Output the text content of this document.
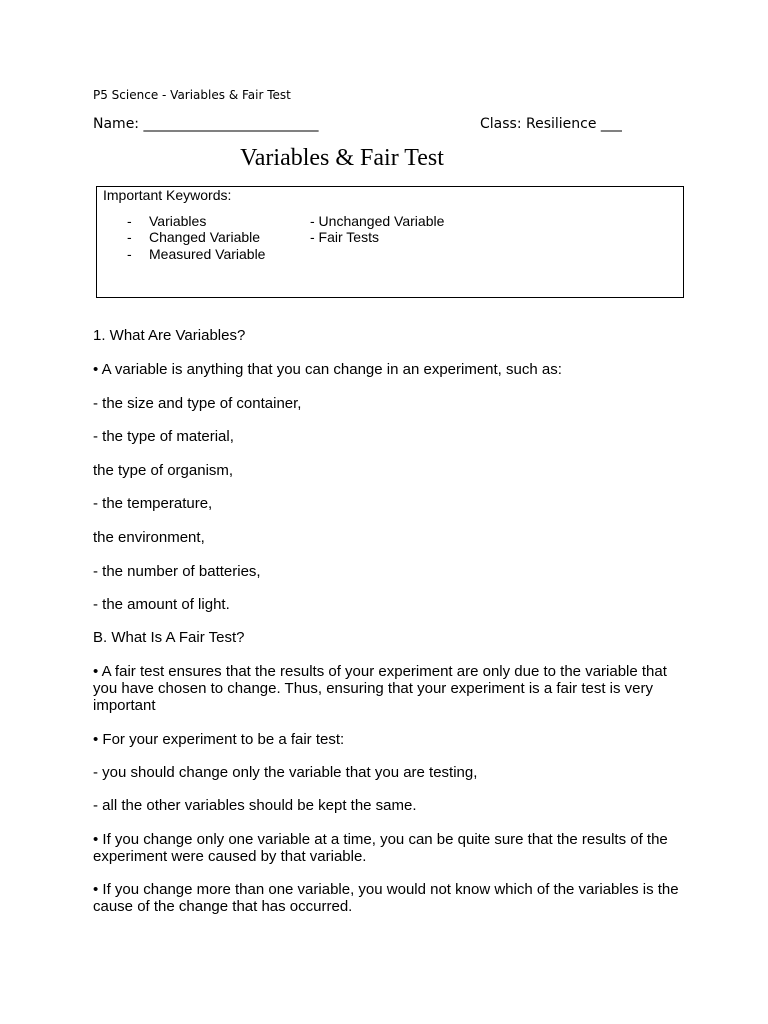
P5 Science - Variables & Fair Test
Name: _________________________	Class: Resilience ___
Variables & Fair Test
Important Keywords:
- Variables
- Changed Variable
- Measured Variable
- Unchanged Variable
- Fair Tests
1. What Are Variables?
• A variable is anything that you can change in an experiment, such as:
- the size and type of container,
- the type of material,
the type of organism,
- the temperature,
the environment,
- the number of batteries,
- the amount of light.
B. What Is A Fair Test?
• A fair test ensures that the results of your experiment are only due to the variable that you have chosen to change. Thus, ensuring that your experiment is a fair test is very important
• For your experiment to be a fair test:
- you should change only the variable that you are testing,
- all the other variables should be kept the same.
• If you change only one variable at a time, you can be quite sure that the results of the experiment were caused by that variable.
• If you change more than one variable, you would not know which of the variables is the cause of the change that has occurred.
